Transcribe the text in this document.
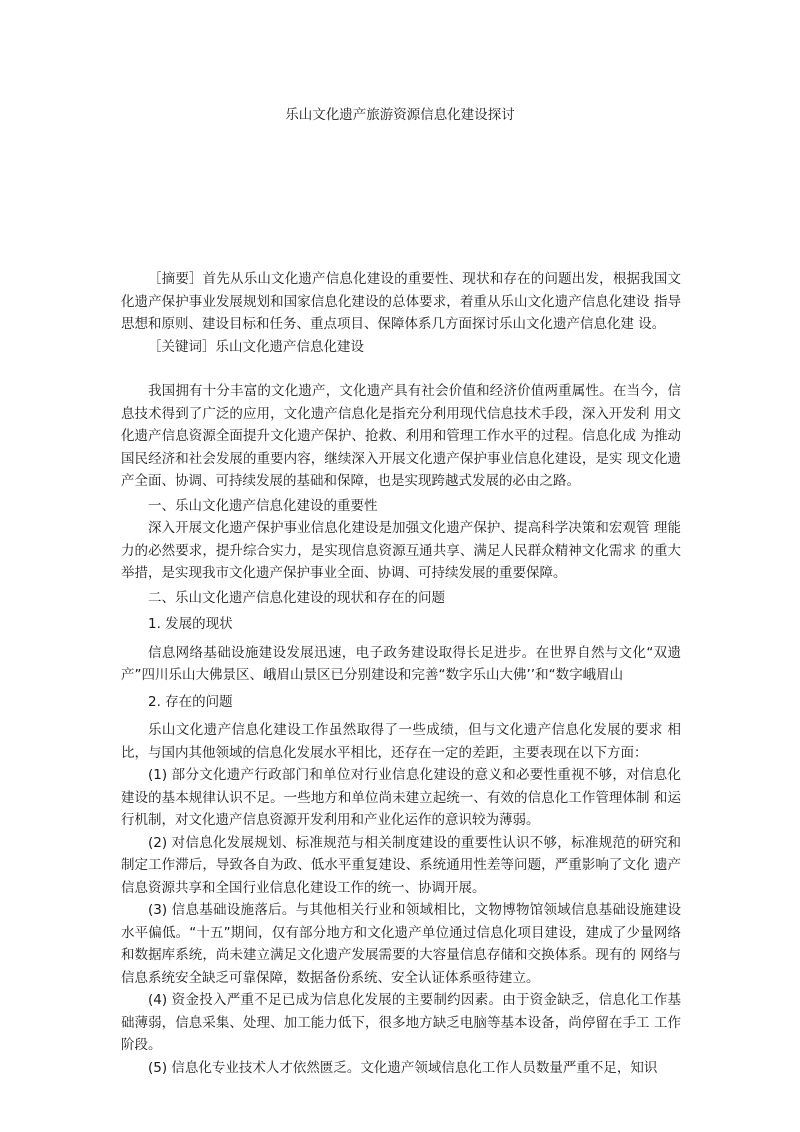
乐山文化遗产旅游资源信息化建设探讨

［摘要］首先从乐山文化遗产信息化建设的重要性、现状和存在的问题出发，根据我国文化遗产保护事业发展规划和国家信息化建设的总体要求，着重从乐山文化遗产信息化建设 指导思想和原则、建设目标和任务、重点项目、保障体系几方面探讨乐山文化遗产信息化建 设。

［关键词］乐山文化遗产信息化建设

我国拥有十分丰富的文化遗产，文化遗产具有社会价值和经济价值两重属性。在当今，信息技术得到了广泛的应用，文化遗产信息化是指充分利用现代信息技术手段，深入开发利 用文化遗产信息资源全面提升文化遗产保护、抢救、利用和管理工作水平的过程。信息化成 为推动国民经济和社会发展的重要内容，继续深入开展文化遗产保护事业信息化建设，是实 现文化遗产全面、协调、可持续发展的基础和保障，也是实现跨越式发展的必由之路。

一、乐山文化遗产信息化建设的重要性

深入开展文化遗产保护事业信息化建设是加强文化遗产保护、提高科学决策和宏观管 理能力的必然要求，提升综合实力，是实现信息资源互通共享、满足人民群众精神文化需求 的重大举措，是实现我市文化遗产保护事业全面、协调、可持续发展的重要保障。

二、乐山文化遗产信息化建设的现状和存在的问题

1. 发展的现状

信息网络基础设施建设发展迅速，电子政务建设取得长足进步。在世界自然与文化“双遗产”四川乐山大佛景区、峨眉山景区已分别建设和完善“数字乐山大佛’’和“数字峨眉山

2. 存在的问题

乐山文化遗产信息化建设工作虽然取得了一些成绩，但与文化遗产信息化发展的要求 相比，与国内其他领域的信息化发展水平相比，还存在一定的差距，主要表现在以下方面：

(1) 部分文化遗产行政部门和单位对行业信息化建设的意义和必要性重视不够，对信息化建设的基本规律认识不足。一些地方和单位尚未建立起统一、有效的信息化工作管理体制 和运行机制，对文化遗产信息资源开发利用和产业化运作的意识较为薄弱。

(2) 对信息化发展规划、标准规范与相关制度建设的重要性认识不够，标准规范的研究和制定工作滞后，导致各自为政、低水平重复建设、系统通用性差等问题，严重影响了文化 遗产信息资源共享和全国行业信息化建设工作的统一、协调开展。

(3) 信息基础设施落后。与其他相关行业和领域相比，文物博物馆领域信息基础设施建设水平偏低。“十五”期间，仅有部分地方和文化遗产单位通过信息化项目建设，建成了少量网络和数据库系统，尚未建立满足文化遗产发展需要的大容量信息存储和交换体系。现有的 网络与信息系统安全缺乏可靠保障，数据备份系统、安全认证体系亟待建立。

(4) 资金投入严重不足已成为信息化发展的主要制约因素。由于资金缺乏，信息化工作基础薄弱，信息采集、处理、加工能力低下，很多地方缺乏电脑等基本设备，尚停留在手工 工作阶段。

(5) 信息化专业技术人才依然匮乏。文化遗产领域信息化工作人员数量严重不足，知识
